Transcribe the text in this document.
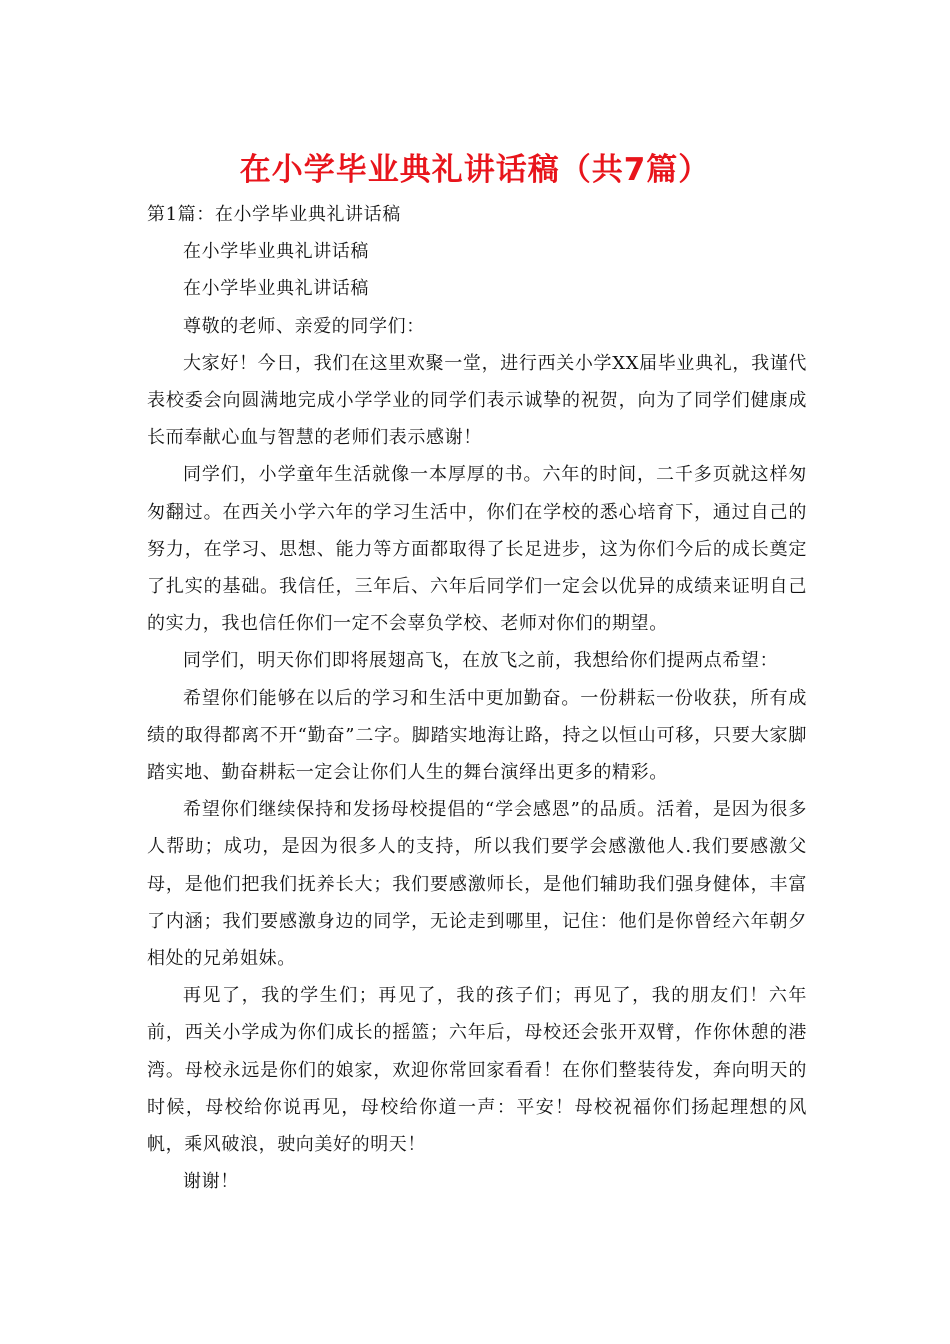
在小学毕业典礼讲话稿（共7篇）

第1篇：在小学毕业典礼讲话稿

在小学毕业典礼讲话稿

在小学毕业典礼讲话稿

尊敬的老师、亲爱的同学们：

大家好！今日，我们在这里欢聚一堂，进行西关小学XX届毕业典礼，我谨代表校委会向圆满地完成小学学业的同学们表示诚挚的祝贺，向为了同学们健康成长而奉献心血与智慧的老师们表示感谢！

同学们，小学童年生活就像一本厚厚的书。六年的时间，二千多页就这样匆匆翻过。在西关小学六年的学习生活中，你们在学校的悉心培育下，通过自己的努力，在学习、思想、能力等方面都取得了长足进步，这为你们今后的成长奠定了扎实的基础。我信任，三年后、六年后同学们一定会以优异的成绩来证明自己的实力，我也信任你们一定不会辜负学校、老师对你们的期望。

同学们，明天你们即将展翅高飞，在放飞之前，我想给你们提两点希望：

希望你们能够在以后的学习和生活中更加勤奋。一份耕耘一份收获，所有成绩的取得都离不开“勤奋”二字。脚踏实地海让路，持之以恒山可移，只要大家脚踏实地、勤奋耕耘一定会让你们人生的舞台演绎出更多的精彩。

希望你们继续保持和发扬母校提倡的“学会感恩”的品质。活着，是因为很多人帮助；成功，是因为很多人的支持，所以我们要学会感激他人.我们要感激父母，是他们把我们抚养长大；我们要感激师长，是他们辅助我们强身健体，丰富了内涵；我们要感激身边的同学，无论走到哪里，记住：他们是你曾经六年朝夕相处的兄弟姐妹。

再见了，我的学生们；再见了，我的孩子们；再见了，我的朋友们！六年前，西关小学成为你们成长的摇篮；六年后，母校还会张开双臂，作你休憩的港湾。母校永远是你们的娘家，欢迎你常回家看看！在你们整装待发，奔向明天的时候，母校给你说再见，母校给你道一声：平安！母校祝福你们扬起理想的风帆，乘风破浪，驶向美好的明天！

谢谢！
